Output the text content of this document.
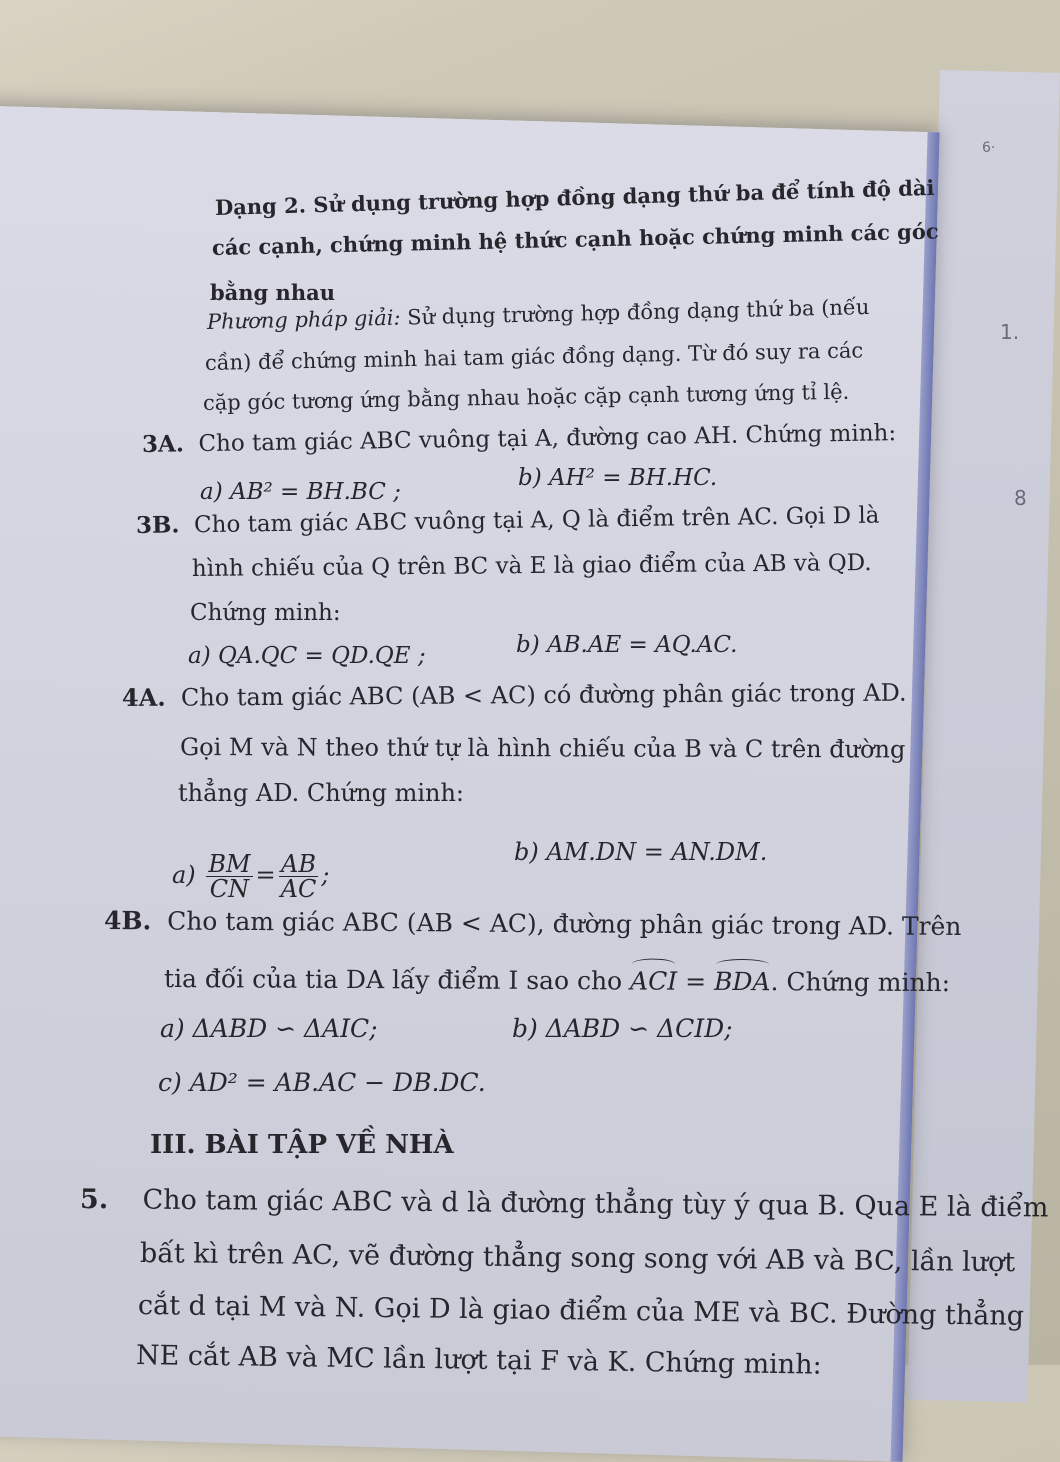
6·
1.
8
Dạng 2. Sử dụng trường hợp đồng dạng thứ ba để tính độ dài
các cạnh, chứng minh hệ thức cạnh hoặc chứng minh các góc
bằng nhau
Phương pháp giải: Sử dụng trường hợp đồng dạng thứ ba (nếu
cần) để chứng minh hai tam giác đồng dạng. Từ đó suy ra các
cặp góc tương ứng bằng nhau hoặc cặp cạnh tương ứng tỉ lệ.
3A. Cho tam giác ABC vuông tại A, đường cao AH. Chứng minh:
a) AB² = BH.BC ;
b) AH² = BH.HC.
3B. Cho tam giác ABC vuông tại A, Q là điểm trên AC. Gọi D là
hình chiếu của Q trên BC và E là giao điểm của AB và QD.
Chứng minh:
a) QA.QC = QD.QE ;	b) AB.AE = AQ.AC.
4A. Cho tam giác ABC (AB < AC) có đường phân giác trong AD.
Gọi M và N theo thứ tự là hình chiếu của B và C trên đường
thẳng AD. Chứng minh:
$a) \frac{BM}{CN} = \frac{AB}{AC}$ ;
b) AM.DN = AN.DM.
4B. Cho tam giác ABC (AB < AC), đường phân giác trong AD. Trên
tia đối của tia DA lấy điểm I sao cho ACI = BDA. Chứng minh:
a) ΔABD ∽ ΔAIC;	b) ΔABD ∽ ΔCID;
c) AD² = AB.AC − DB.DC.
III. BÀI TẬP VỀ NHÀ
5. Cho tam giác ABC và d là đường thẳng tùy ý qua B. Qua E là điểm
bất kì trên AC, vẽ đường thẳng song song với AB và BC, lần lượt
cắt d tại M và N. Gọi D là giao điểm của ME và BC. Đường thẳng
NE cắt AB và MC lần lượt tại F và K. Chứng minh:
